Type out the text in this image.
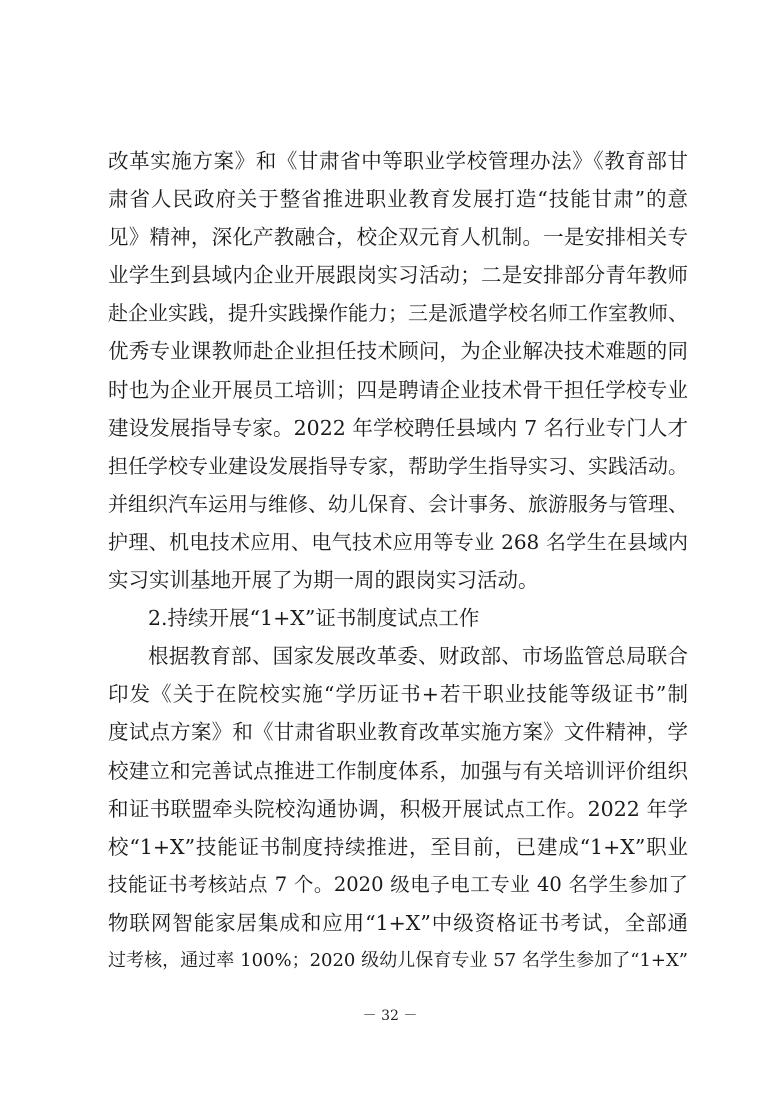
改革实施方案》和《甘肃省中等职业学校管理办法》《教育部甘
肃省人民政府关于整省推进职业教育发展打造“技能甘肃”的意
见》精神，深化产教融合，校企双元育人机制。一是安排相关专
业学生到县域内企业开展跟岗实习活动；二是安排部分青年教师
赴企业实践，提升实践操作能力；三是派遣学校名师工作室教师、
优秀专业课教师赴企业担任技术顾问，为企业解决技术难题的同
时也为企业开展员工培训；四是聘请企业技术骨干担任学校专业
建设发展指导专家。2022 年学校聘任县域内 7 名行业专门人才
担任学校专业建设发展指导专家，帮助学生指导实习、实践活动。
并组织汽车运用与维修、幼儿保育、会计事务、旅游服务与管理、
护理、机电技术应用、电气技术应用等专业 268 名学生在县域内
实习实训基地开展了为期一周的跟岗实习活动。
2.持续开展“1+X”证书制度试点工作
根据教育部、国家发展改革委、财政部、市场监管总局联合
印发《关于在院校实施“学历证书+若干职业技能等级证书”制
度试点方案》和《甘肃省职业教育改革实施方案》文件精神，学
校建立和完善试点推进工作制度体系，加强与有关培训评价组织
和证书联盟牵头院校沟通协调，积极开展试点工作。2022 年学
校“1+X”技能证书制度持续推进，至目前，已建成“1+X”职业
技能证书考核站点 7 个。2020 级电子电工专业 40 名学生参加了
物联网智能家居集成和应用“1+X”中级资格证书考试，全部通
过考核，通过率 100%；2020 级幼儿保育专业 57 名学生参加了“1+X”
－ 32 －
